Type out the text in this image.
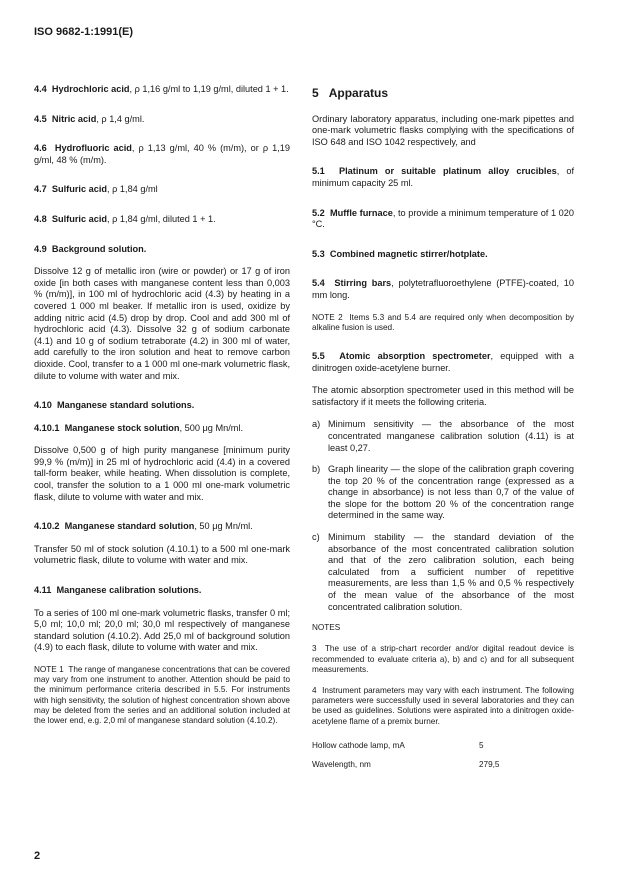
ISO 9682-1:1991(E)

4.4 Hydrochloric acid, ρ 1,16 g/ml to 1,19 g/ml, diluted 1 + 1.

4.5 Nitric acid, ρ 1,4 g/ml.

4.6 Hydrofluoric acid, ρ 1,13 g/ml, 40 % (m/m), or ρ 1,19 g/ml, 48 % (m/m).

4.7 Sulfuric acid, ρ 1,84 g/ml

4.8 Sulfuric acid, ρ 1,84 g/ml, diluted 1 + 1.

4.9 Background solution.

Dissolve 12 g of metallic iron (wire or powder) or 17 g of iron oxide [in both cases with manganese content less than 0,003 % (m/m)], in 100 ml of hydrochloric acid (4.3) by heating in a covered 1 000 ml beaker. If metallic iron is used, oxidize by adding nitric acid (4.5) drop by drop. Cool and add 300 ml of hydrochloric acid (4.3). Dissolve 32 g of sodium carbonate (4.1) and 10 g of sodium tetraborate (4.2) in 300 ml of water, add carefully to the iron solution and heat to remove carbon dioxide. Cool, transfer to a 1 000 ml one-mark volumetric flask, dilute to volume with water and mix.

4.10 Manganese standard solutions.

4.10.1 Manganese stock solution, 500 μg Mn/ml.

Dissolve 0,500 g of high purity manganese [minimum purity 99,9 % (m/m)] in 25 ml of hydrochloric acid (4.4) in a covered tall-form beaker, while heating. When dissolution is complete, cool, transfer the solution to a 1 000 ml one-mark volumetric flask, dilute to volume with water and mix.

4.10.2 Manganese standard solution, 50 μg Mn/ml.

Transfer 50 ml of stock solution (4.10.1) to a 500 ml one-mark volumetric flask, dilute to volume with water and mix.

4.11 Manganese calibration solutions.

To a series of 100 ml one-mark volumetric flasks, transfer 0 ml; 5,0 ml; 10,0 ml; 20,0 ml; 30,0 ml respectively of manganese standard solution (4.10.2). Add 25,0 ml of background solution (4.9) to each flask, dilute to volume with water and mix.

NOTE 1 The range of manganese concentrations that can be covered may vary from one instrument to another. Attention should be paid to the minimum performance criteria described in 5.5. For instruments with high sensitivity, the solution of highest concentration shown above may be deleted from the series and an additional solution included at the lower end, e.g. 2,0 ml of manganese standard solution (4.10.2).

5 Apparatus

Ordinary laboratory apparatus, including one-mark pipettes and one-mark volumetric flasks complying with the specifications of ISO 648 and ISO 1042 respectively, and

5.1 Platinum or suitable platinum alloy crucibles, of minimum capacity 25 ml.

5.2 Muffle furnace, to provide a minimum temperature of 1 020 °C.

5.3 Combined magnetic stirrer/hotplate.

5.4 Stirring bars, polytetrafluoroethylene (PTFE)-coated, 10 mm long.

NOTE 2 Items 5.3 and 5.4 are required only when decomposition by alkaline fusion is used.

5.5 Atomic absorption spectrometer, equipped with a dinitrogen oxide-acetylene burner.

The atomic absorption spectrometer used in this method will be satisfactory if it meets the following criteria.

a) Minimum sensitivity — the absorbance of the most concentrated manganese calibration solution (4.11) is at least 0,27.
b) Graph linearity — the slope of the calibration graph covering the top 20 % of the concentration range (expressed as a change in absorbance) is not less than 0,7 of the value of the slope for the bottom 20 % of the concentration range determined in the same way.
c) Minimum stability — the standard deviation of the absorbance of the most concentrated calibration solution and that of the zero calibration solution, each being calculated from a sufficient number of repetitive measurements, are less than 1,5 % and 0,5 % respectively of the mean value of the absorbance of the most concentrated calibration solution.

NOTES

3 The use of a strip-chart recorder and/or digital readout device is recommended to evaluate criteria a), b) and c) and for all subsequent measurements.

4 Instrument parameters may vary with each instrument. The following parameters were successfully used in several laboratories and they can be used as guidelines. Solutions were aspirated into a dinitrogen oxide-acetylene flame of a premix burner.

Hollow cathode lamp, mA	5
Wavelength, nm	279,5
2
